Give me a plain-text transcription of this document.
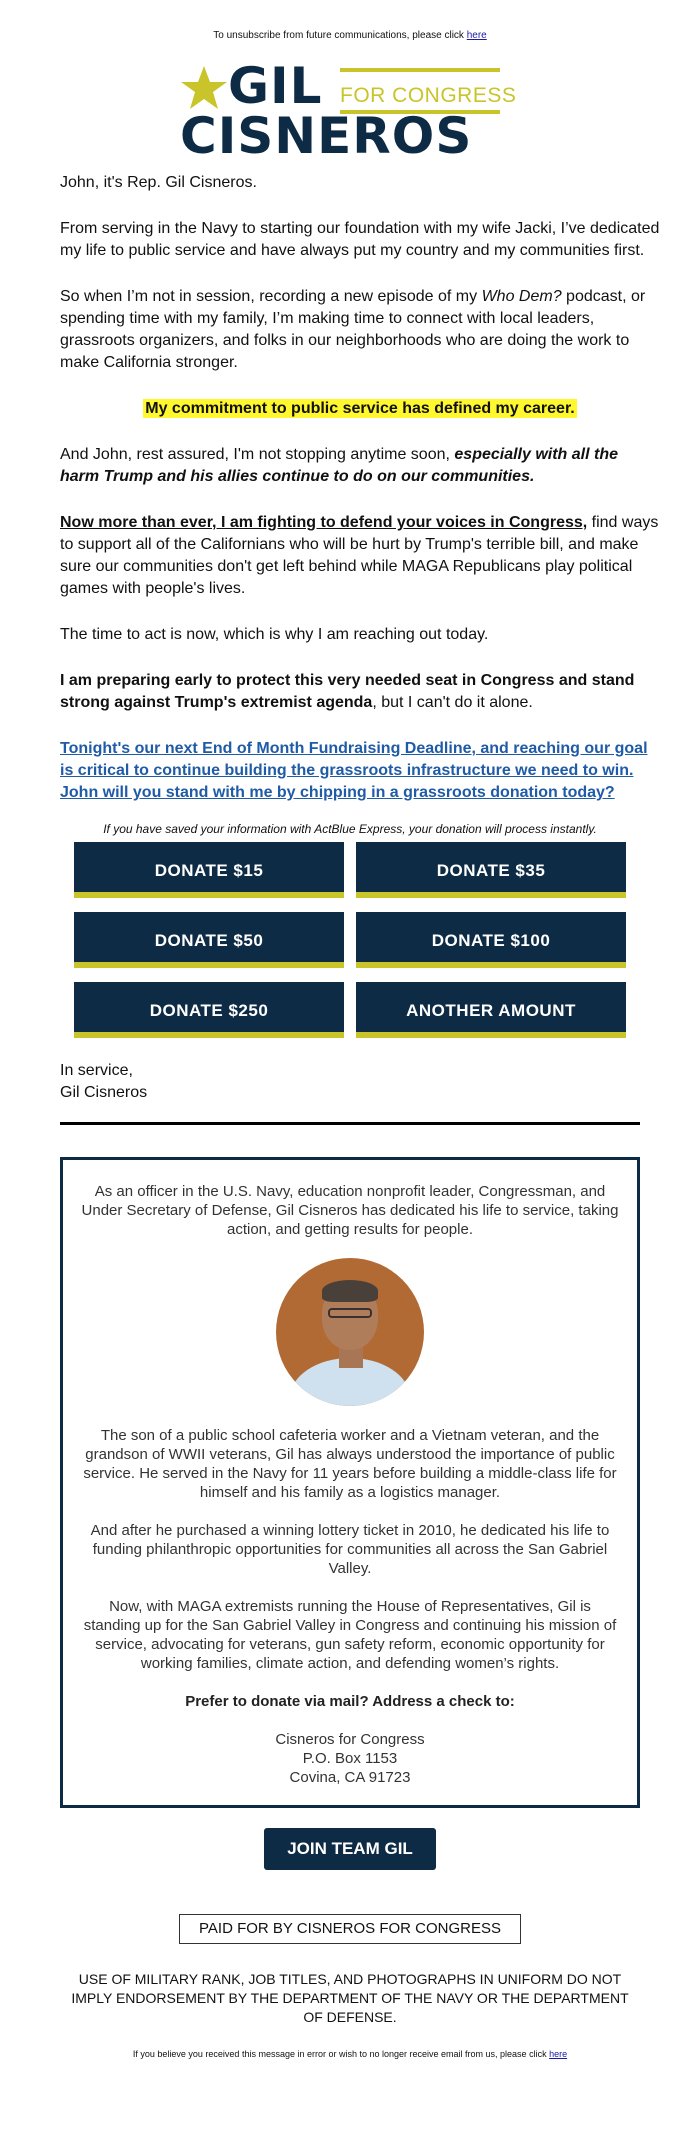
To unsubscribe from future communications, please click here
GIL FOR CONGRESS
CISNEROS

John, it's Rep. Gil Cisneros.

From serving in the Navy to starting our foundation with my wife Jacki, I’ve dedicated my life to public service and have always put my country and my communities first.

So when I’m not in session, recording a new episode of my Who Dem? podcast, or spending time with my family, I’m making time to connect with local leaders, grassroots organizers, and folks in our neighborhoods who are doing the work to make California stronger.

My commitment to public service has defined my career.

And John, rest assured, I'm not stopping anytime soon, especially with all the harm Trump and his allies continue to do on our communities.

Now more than ever, I am fighting to defend your voices in Congress, find ways to support all of the Californians who will be hurt by Trump's terrible bill, and make sure our communities don't get left behind while MAGA Republicans play political games with people's lives.

The time to act is now, which is why I am reaching out today.

I am preparing early to protect this very needed seat in Congress and stand strong against Trump's extremist agenda, but I can't do it alone.

Tonight's our next End of Month Fundraising Deadline, and reaching our goal is critical to continue building the grassroots infrastructure we need to win. John will you stand with me by chipping in a grassroots donation today?

If you have saved your information with ActBlue Express, your donation will process instantly.
DONATE $15	DONATE $35
DONATE $50	DONATE $100
DONATE $250	ANOTHER AMOUNT
In service,
Gil Cisneros

As an officer in the U.S. Navy, education nonprofit leader, Congressman, and Under Secretary of Defense, Gil Cisneros has dedicated his life to service, taking action, and getting results for people.

The son of a public school cafeteria worker and a Vietnam veteran, and the grandson of WWII veterans, Gil has always understood the importance of public service. He served in the Navy for 11 years before building a middle-class life for himself and his family as a logistics manager.

And after he purchased a winning lottery ticket in 2010, he dedicated his life to funding philanthropic opportunities for communities all across the San Gabriel Valley.

Now, with MAGA extremists running the House of Representatives, Gil is standing up for the San Gabriel Valley in Congress and continuing his mission of service, advocating for veterans, gun safety reform, economic opportunity for working families, climate action, and defending women’s rights.

Prefer to donate via mail? Address a check to:

Cisneros for Congress
P.O. Box 1153
Covina, CA 91723
JOIN TEAM GIL
PAID FOR BY CISNEROS FOR CONGRESS
USE OF MILITARY RANK, JOB TITLES, AND PHOTOGRAPHS IN UNIFORM DO NOT IMPLY ENDORSEMENT BY THE DEPARTMENT OF THE NAVY OR THE DEPARTMENT OF DEFENSE.
If you believe you received this message in error or wish to no longer receive email from us, please click here
